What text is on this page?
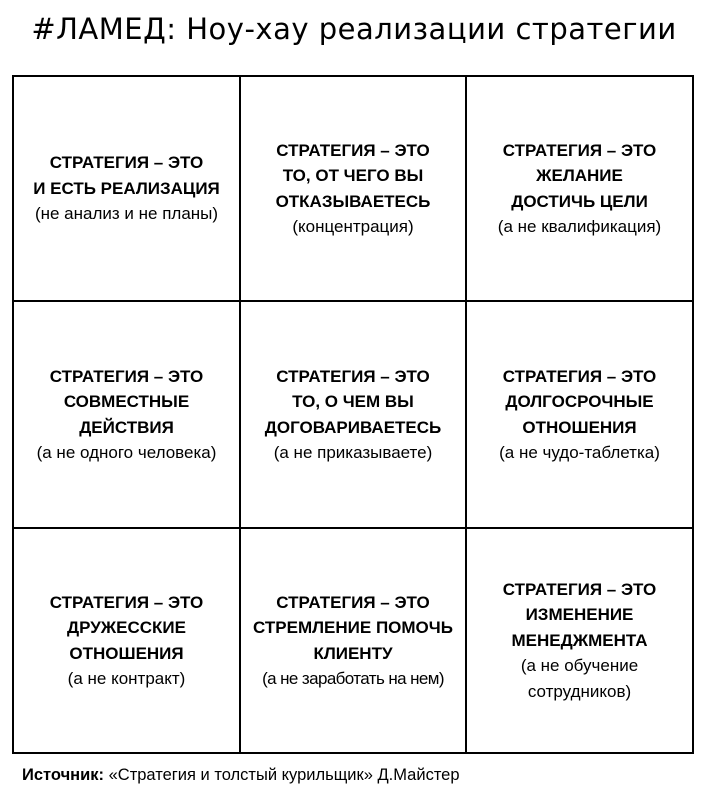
#ЛАМЕД: Ноу-хау реализации стратегии
СТРАТЕГИЯ – ЭТО
И ЕСТЬ РЕАЛИЗАЦИЯ
(не анализ и не планы)
СТРАТЕГИЯ – ЭТО
ТО, ОТ ЧЕГО ВЫ
ОТКАЗЫВАЕТЕСЬ
(концентрация)
СТРАТЕГИЯ – ЭТО
ЖЕЛАНИЕ
ДОСТИЧЬ ЦЕЛИ
(а не квалификация)
СТРАТЕГИЯ – ЭТО
СОВМЕСТНЫЕ
ДЕЙСТВИЯ
(а не одного человека)
СТРАТЕГИЯ – ЭТО
ТО, О ЧЕМ ВЫ
ДОГОВАРИВАЕТЕСЬ
(а не приказываете)
СТРАТЕГИЯ – ЭТО
ДОЛГОСРОЧНЫЕ
ОТНОШЕНИЯ
(а не чудо-таблетка)
СТРАТЕГИЯ – ЭТО
ДРУЖЕССКИЕ
ОТНОШЕНИЯ
(а не контракт)
СТРАТЕГИЯ – ЭТО
СТРЕМЛЕНИЕ ПОМОЧЬ
КЛИЕНТУ
(а не заработать на нем)
СТРАТЕГИЯ – ЭТО
ИЗМЕНЕНИЕ
МЕНЕДЖМЕНТА
(а не обучение
сотрудников)
Источник: «Стратегия и толстый курильщик» Д.Майстер
